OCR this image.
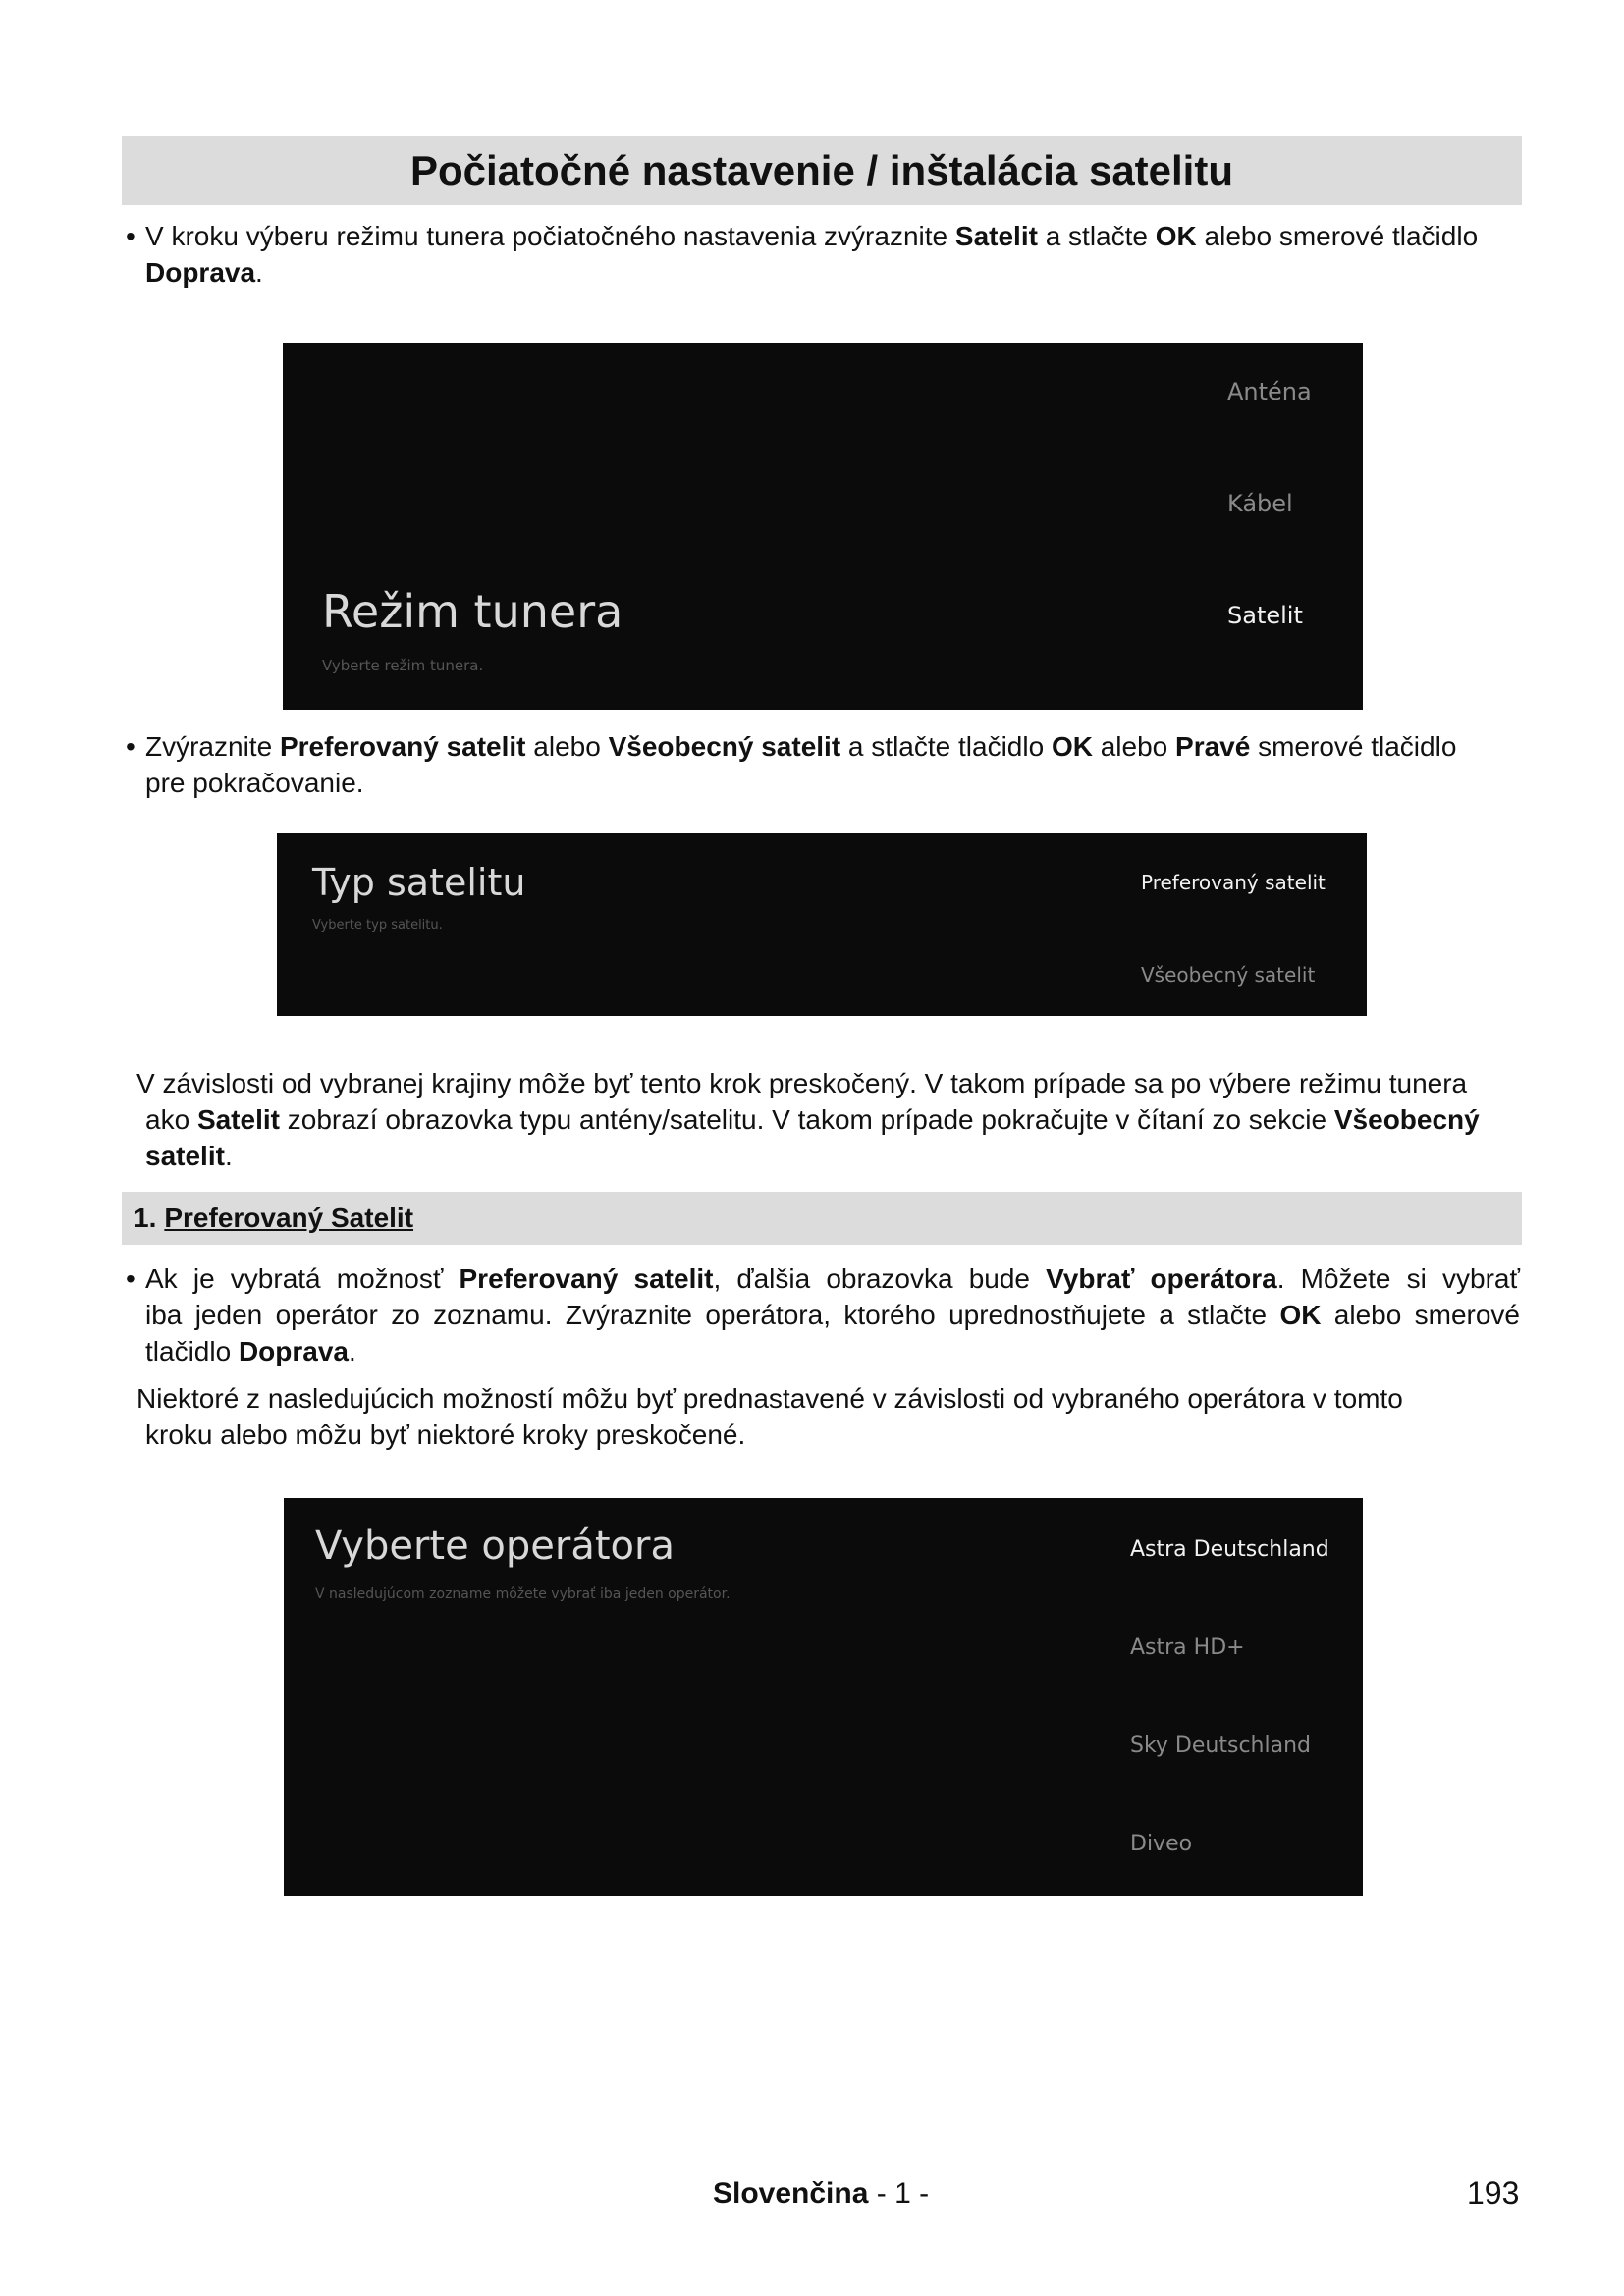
Počiatočné nastavenie / inštalácia satelitu
• V kroku výberu režimu tunera počiatočného nastavenia zvýraznite Satelit a stlačte OK alebo smerové tlačidlo
Doprava.
Režim tunera
Vyberte režim tunera.
Anténa
Kábel
Satelit
• Zvýraznite Preferovaný satelit alebo Všeobecný satelit a stlačte tlačidlo OK alebo Pravé smerové tlačidlo
pre pokračovanie.
Typ satelitu
Vyberte typ satelitu.
Preferovaný satelit
Všeobecný satelit
V závislosti od vybranej krajiny môže byť tento krok preskočený. V takom prípade sa po výbere režimu tunera
ako Satelit zobrazí obrazovka typu antény/satelitu. V takom prípade pokračujte v čítaní zo sekcie Všeobecný
satelit.
1. Preferovaný Satelit
• Ak je vybratá možnosť Preferovaný satelit, ďalšia obrazovka bude Vybrať operátora. Môžete si vybrať
iba jeden operátor zo zoznamu. Zvýraznite operátora, ktorého uprednostňujete a stlačte OK alebo smerové
tlačidlo Doprava.
Niektoré z nasledujúcich možností môžu byť prednastavené v závislosti od vybraného operátora v tomto
kroku alebo môžu byť niektoré kroky preskočené.
Vyberte operátora
V nasledujúcom zozname môžete vybrať iba jeden operátor.
Astra Deutschland
Astra HD+
Sky Deutschland
Diveo
Slovenčina - 1 -	193
